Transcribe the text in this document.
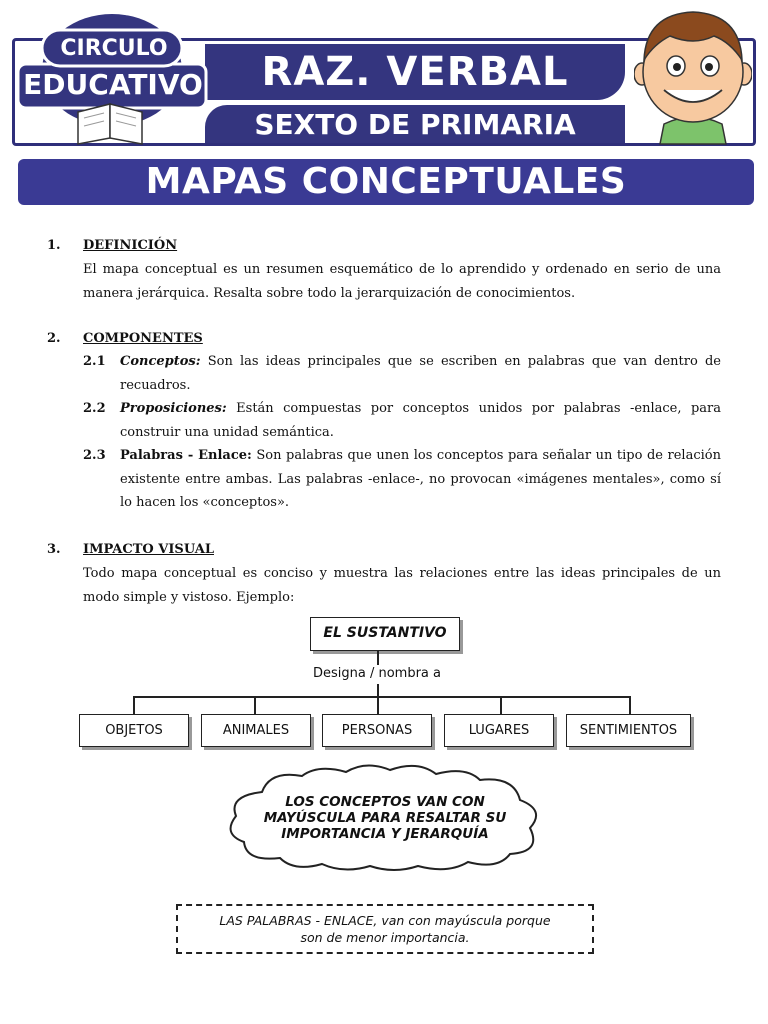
RAZ. VERBAL
SEXTO DE PRIMARIA
CIRCULO
EDUCATIVO
MAPAS CONCEPTUALES
1. DEFINICIÓN
El mapa conceptual es un resumen esquemático de lo aprendido y ordenado en serio de una manera jerárquica. Resalta sobre todo la jerarquización de conocimientos.
2. COMPONENTES
2.1 Conceptos: Son las ideas principales que se escriben en palabras que van dentro de recuadros.
2.2 Proposiciones: Están compuestas por conceptos unidos por palabras -enlace, para construir una unidad semántica.
2.3 Palabras - Enlace: Son palabras que unen los conceptos para señalar un tipo de relación existente entre ambas. Las palabras -enlace-, no provocan «imágenes mentales», como sí lo hacen los «conceptos».
3. IMPACTO VISUAL
Todo mapa conceptual es conciso y muestra las relaciones entre las ideas principales de un modo simple y vistoso. Ejemplo:
EL SUSTANTIVO
Designa / nombra a
OBJETOS	ANIMALES	PERSONAS	LUGARES	SENTIMIENTOS
LOS CONCEPTOS VAN CON MAYÚSCULA PARA RESALTAR SU IMPORTANCIA Y JERARQUÍA
LAS PALABRAS - ENLACE, van con mayúscula porque
son de menor importancia.
